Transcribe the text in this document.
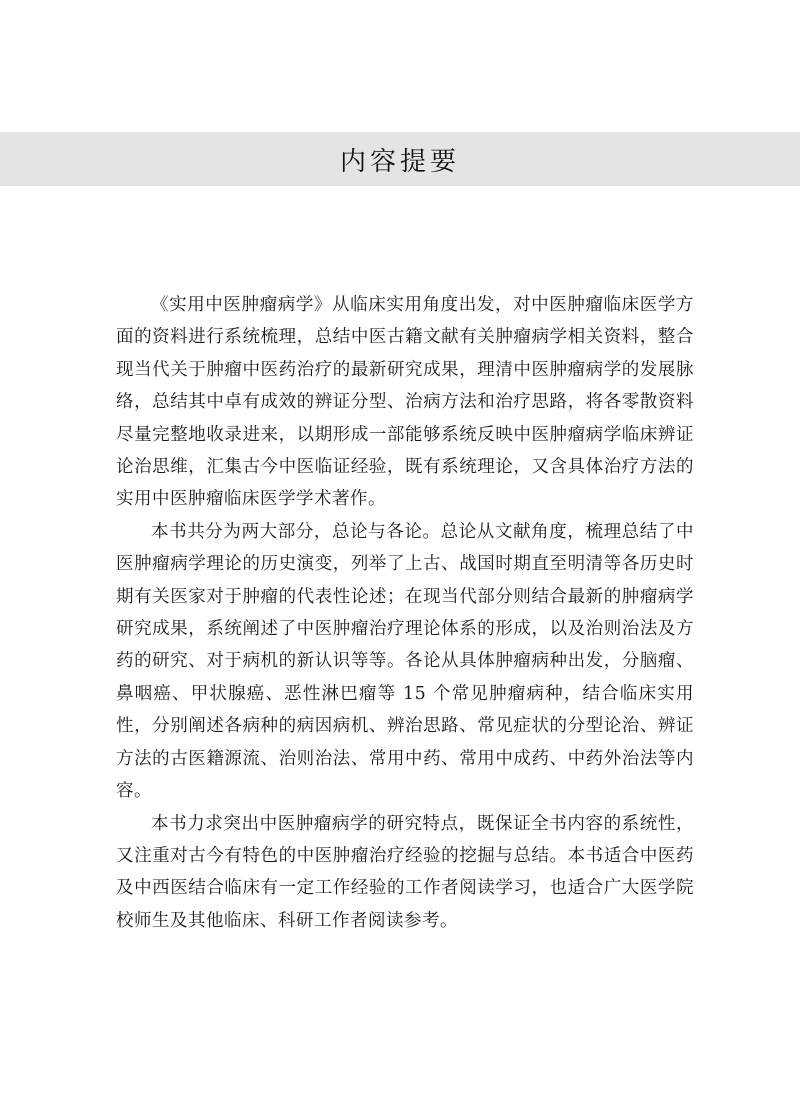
内容提要

《实用中医肿瘤病学》从临床实用角度出发，对中医肿瘤临床医学方面的资料进行系统梳理，总结中医古籍文献有关肿瘤病学相关资料，整合现当代关于肿瘤中医药治疗的最新研究成果，理清中医肿瘤病学的发展脉络，总结其中卓有成效的辨证分型、治病方法和治疗思路，将各零散资料尽量完整地收录进来，以期形成一部能够系统反映中医肿瘤病学临床辨证论治思维，汇集古今中医临证经验，既有系统理论，又含具体治疗方法的实用中医肿瘤临床医学学术著作。

本书共分为两大部分，总论与各论。总论从文献角度，梳理总结了中医肿瘤病学理论的历史演变，列举了上古、战国时期直至明清等各历史时期有关医家对于肿瘤的代表性论述；在现当代部分则结合最新的肿瘤病学研究成果，系统阐述了中医肿瘤治疗理论体系的形成，以及治则治法及方药的研究、对于病机的新认识等等。各论从具体肿瘤病种出发，分脑瘤、鼻咽癌、甲状腺癌、恶性淋巴瘤等 15 个常见肿瘤病种，结合临床实用性，分别阐述各病种的病因病机、辨治思路、常见症状的分型论治、辨证方法的古医籍源流、治则治法、常用中药、常用中成药、中药外治法等内容。

本书力求突出中医肿瘤病学的研究特点，既保证全书内容的系统性，又注重对古今有特色的中医肿瘤治疗经验的挖掘与总结。本书适合中医药及中西医结合临床有一定工作经验的工作者阅读学习，也适合广大医学院校师生及其他临床、科研工作者阅读参考。
